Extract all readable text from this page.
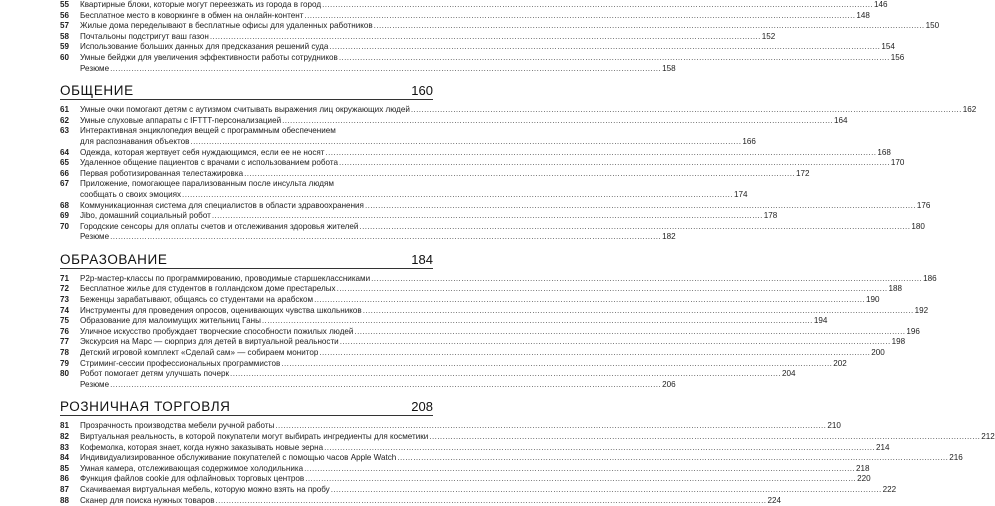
55	Квартирные блоки, которые могут переезжать из города в город .....	146
56	Бесплатное место в коворкинге в обмен на онлайн-контент .....	148
57	Жилые дома переделывают в бесплатные офисы для удаленных работников .....	150
58	Почтальоны подстригут ваш газон .....	152
59	Использование больших данных для предсказания решений суда .....	154
60	Умные бейджи для увеличения эффективности работы сотрудников .....	156
Резюме .....	158
ОБЩЕНИЕ	160
61	Умные очки помогают детям с аутизмом считывать выражения лиц окружающих людей .....	162
62	Умные слуховые аппараты с IFTTT-персонализацией .....	164
63	Интерактивная энциклопедия вещей с программным обеспечением
для распознавания объектов .....	166
64	Одежда, которая жертвует себя нуждающимся, если ее не носят .....	168
65	Удаленное общение пациентов с врачами с использованием робота .....	170
66	Первая роботизированная телестажировка .....	172
67	Приложение, помогающее парализованным после инсульта людям
сообщать о своих эмоциях .....	174
68	Коммуникационная система для специалистов в области здравоохранения .....	176
69	Jibo, домашний социальный робот .....	178
70	Городские сенсоры для оплаты счетов и отслеживания здоровья жителей .....	180
Резюме .....	182
ОБРАЗОВАНИЕ	184
71	P2p-мастер-классы по программированию, проводимые старшеклассниками .....	186
72	Бесплатное жилье для студентов в голландском доме престарелых .....	188
73	Беженцы зарабатывают, общаясь со студентами на арабском .....	190
74	Инструменты для проведения опросов, оценивающих чувства школьников .....	192
75	Образование для малоимущих жительниц Ганы .....	194
76	Уличное искусство пробуждает творческие способности пожилых людей .....	196
77	Экскурсия на Марс — сюрприз для детей в виртуальной реальности .....	198
78	Детский игровой комплект «Сделай сам» — собираем монитор .....	200
79	Стриминг-сессии профессиональных программистов .....	202
80	Робот помогает детям улучшать почерк .....	204
Резюме .....	206
РОЗНИЧНАЯ ТОРГОВЛЯ	208
81	Прозрачность производства мебели ручной работы .....	210
82	Виртуальная реальность, в которой покупатели могут выбирать ингредиенты для косметики .....	212
83	Кофемолка, которая знает, когда нужно заказывать новые зерна .....	214
84	Индивидуализированное обслуживание покупателей с помощью часов Apple Watch .....	216
85	Умная камера, отслеживающая содержимое холодильника .....	218
86	Функция файлов cookie для офлайновых торговых центров .....	220
87	Скачиваемая виртуальная мебель, которую можно взять на пробу .....	222
88	Сканер для поиска нужных товаров .....	224
